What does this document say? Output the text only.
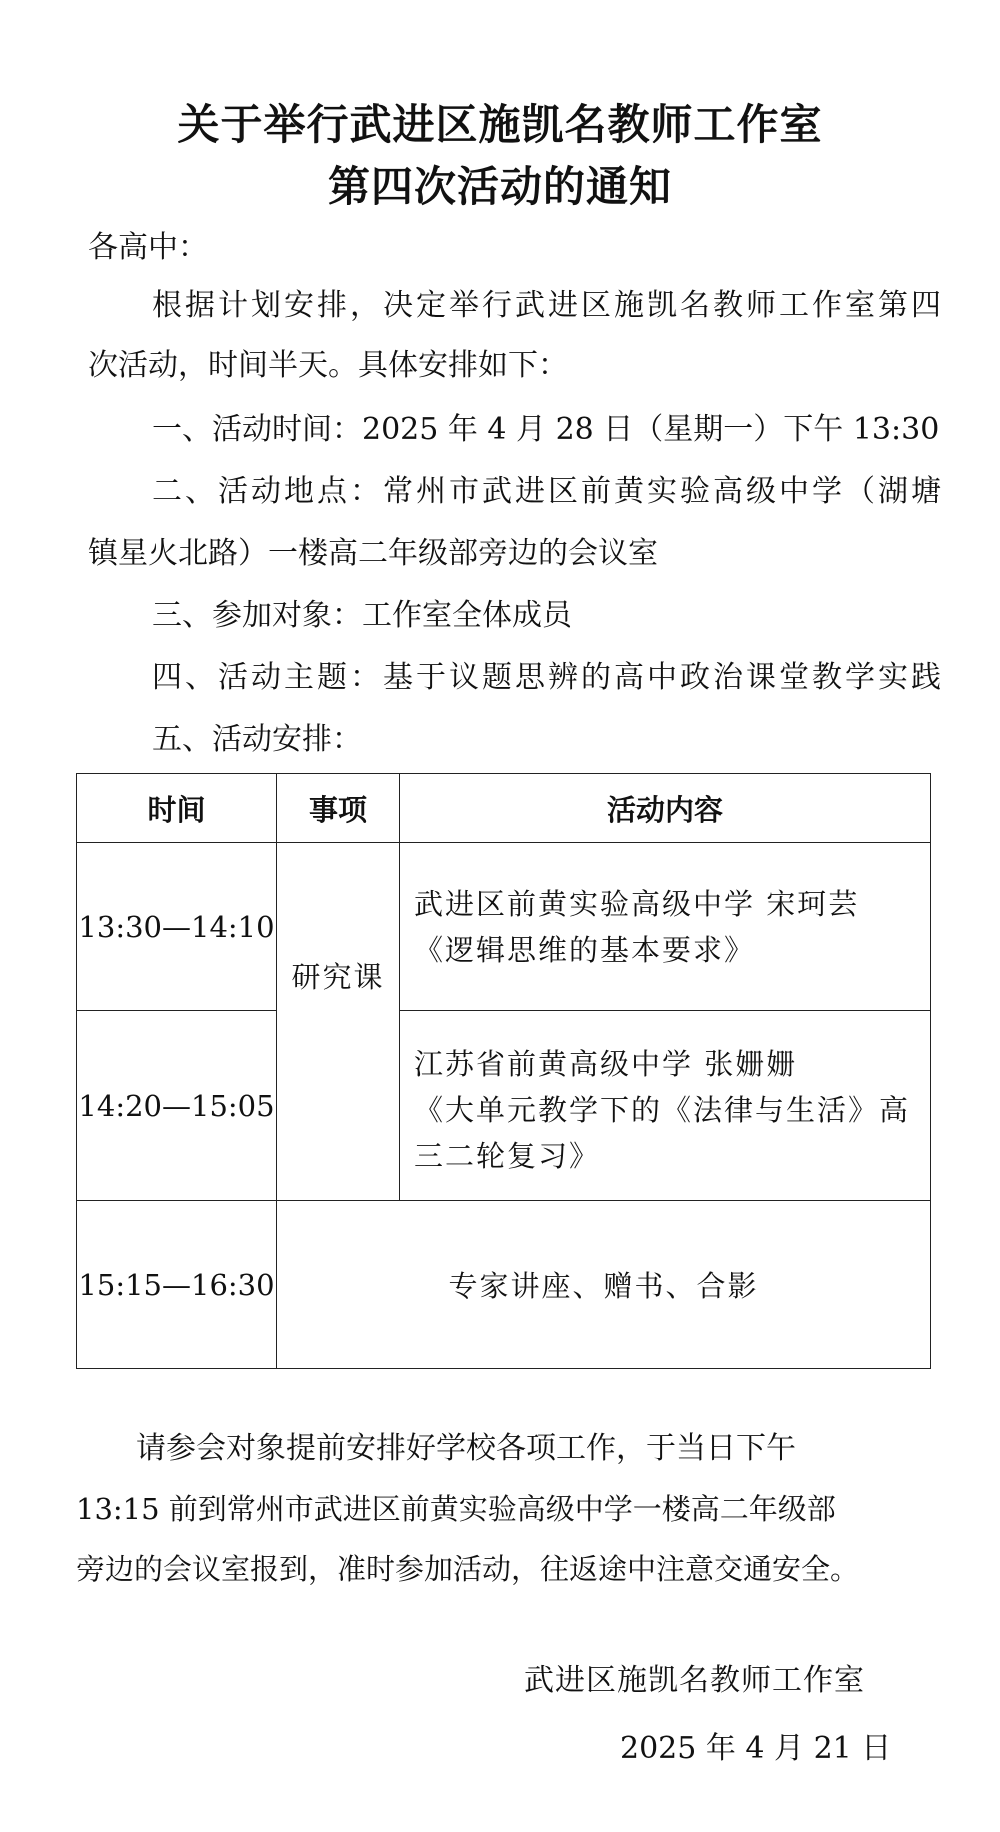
关于举行武进区施凯名教师工作室
第四次活动的通知

各高中：

根据计划安排，决定举行武进区施凯名教师工作室第四

次活动，时间半天。具体安排如下：

一、活动时间：2025 年 4 月 28 日（星期一）下午 13:30

二、活动地点：常州市武进区前黄实验高级中学（湖塘

镇星火北路）一楼高二年级部旁边的会议室

三、参加对象：工作室全体成员

四、活动主题：基于议题思辨的高中政治课堂教学实践

五、活动安排：

时间	事项	活动内容
13:30—14:10	研究课	武进区前黄实验高级中学 宋珂芸
《逻辑思维的基本要求》

14:20—15:05		江苏省前黄高级中学 张姗姗
《大单元教学下的《法律与生活》高
三二轮复习》

15:15—16:30	专家讲座、赠书、合影	

请参会对象提前安排好学校各项工作，于当日下午

13:15 前到常州市武进区前黄实验高级中学一楼高二年级部

旁边的会议室报到，准时参加活动，往返途中注意交通安全。

武进区施凯名教师工作室

2025 年 4 月 21 日
